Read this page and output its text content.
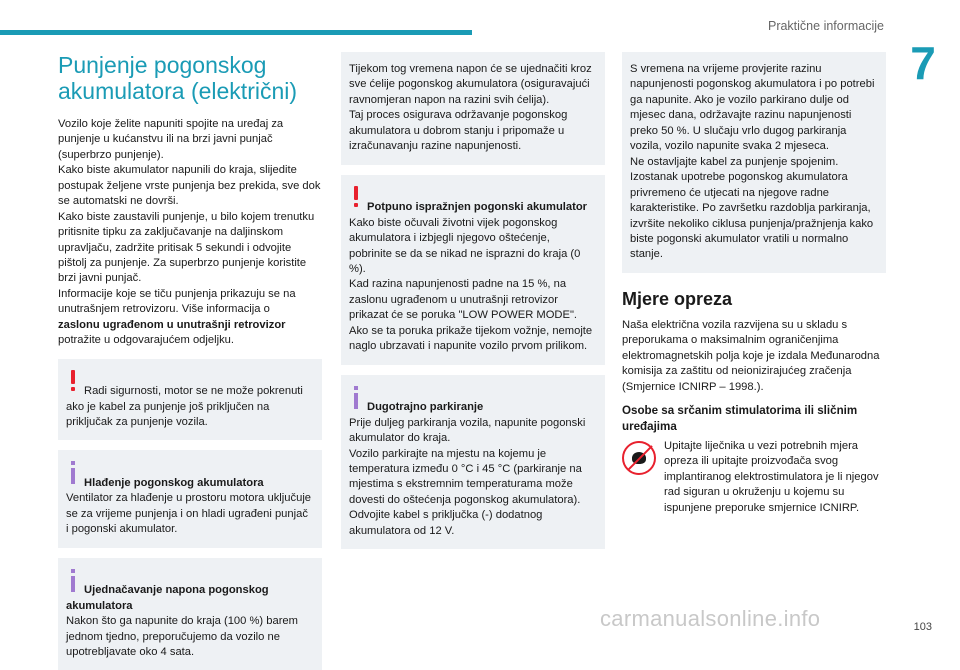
Praktične informacije
7
Punjenje pogonskog akumulatora (električni)
Vozilo koje želite napuniti spojite na uređaj za punjenje u kućanstvu ili na brzi javni punjač (superbrzo punjenje).
Kako biste akumulator napunili do kraja, slijedite postupak željene vrste punjenja bez prekida, sve dok se automatski ne dovrši.
Kako biste zaustavili punjenje, u bilo kojem trenutku pritisnite tipku za zaključavanje na daljinskom upravljaču, zadržite pritisak 5 sekundi i odvojite pištolj za punjenje. Za superbrzo punjenje koristite brzi javni punjač.
Informacije koje se tiču punjenja prikazuju se na unutrašnjem retrovizoru. Više informacija o
zaslonu ugrađenom u unutrašnji retrovizor
potražite u odgovarajućem odjeljku.

Radi sigurnosti, motor se ne može pokrenuti ako je kabel za punjenje još priključen na priključak za punjenje vozila.

Hlađenje pogonskog akumulatora
Ventilator za hlađenje u prostoru motora uključuje se za vrijeme punjenja i on hladi ugrađeni punjač i pogonski akumulator.

Ujednačavanje napona pogonskog akumulatora
Nakon što ga napunite do kraja (100 %) barem jednom tjedno, preporučujemo da vozilo ne upotrebljavate oko 4 sata.

Tijekom tog vremena napon će se ujednačiti kroz sve ćelije pogonskog akumulatora (osiguravajući ravnomjeran napon na razini svih ćelija).
Taj proces osigurava održavanje pogonskog akumulatora u dobrom stanju i pripomaže u izračunavanju razine napunjenosti.

Potpuno ispražnjen pogonski akumulator
Kako biste očuvali životni vijek pogonskog akumulatora i izbjegli njegovo oštećenje, pobrinite se da se nikad ne isprazni do kraja (0 %).
Kad razina napunjenosti padne na 15 %, na zaslonu ugrađenom u unutrašnji retrovizor prikazat će se poruka "LOW POWER MODE".
Ako se ta poruka prikaže tijekom vožnje, nemojte naglo ubrzavati i napunite vozilo prvom prilikom.

Dugotrajno parkiranje
Prije duljeg parkiranja vozila, napunite pogonski akumulator do kraja.
Vozilo parkirajte na mjestu na kojemu je temperatura između 0 °C i 45 °C (parkiranje na mjestima s ekstremnim temperaturama može dovesti do oštećenja pogonskog akumulatora).
Odvojite kabel s priključka (-) dodatnog akumulatora od 12 V.

S vremena na vrijeme provjerite razinu napunjenosti pogonskog akumulatora i po potrebi ga napunite. Ako je vozilo parkirano dulje od mjesec dana, održavajte razinu napunjenosti preko 50 %. U slučaju vrlo dugog parkiranja vozila, vozilo napunite svaka 2 mjeseca.
Ne ostavljajte kabel za punjenje spojenim. Izostanak upotrebe pogonskog akumulatora privremeno će utjecati na njegove radne karakteristike. Po završetku razdoblja parkiranja, izvršite nekoliko ciklusa punjenja/pražnjenja kako biste pogonski akumulator vratili u normalno stanje.
Mjere opreza
Naša električna vozila razvijena su u skladu s preporukama o maksimalnim ograničenjima elektromagnetskih polja koje je izdala Međunarodna komisija za zaštitu od neionizirajućeg zračenja (Smjernice ICNIRP – 1998.).
Osobe sa srčanim stimulatorima ili sličnim uređajima
Upitajte liječnika u vezi potrebnih mjera opreza ili upitajte proizvođača svog implantiranog elektrostimulatora je li njegov rad siguran u okruženju u kojemu su ispunjene preporuke smjernice ICNIRP.
carmanualsonline.info	103
